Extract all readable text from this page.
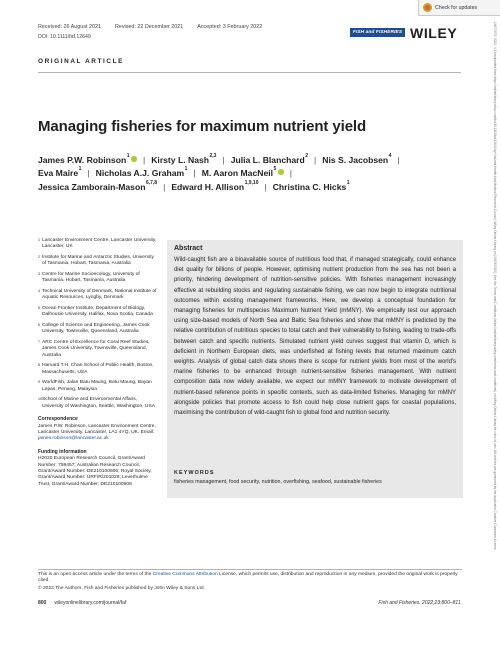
Check for updates
14672979, 2022, 4, Downloaded from https://onlinelibrary.wiley.com/doi/10.1111/faf.12649 by National Health And Medical Research Council, Wiley Online Library on [10/03/2025]. See the Terms and Conditions (https://onlinelibrary.wiley.com/terms-and-conditions) on Wiley Online Library for rules of use; OA articles are governed by the applicable Creative Commons License
Received: 26 August 2021	Revised: 22 December 2021	Accepted: 3 February 2022
DOI: 10.1111/faf.12649
FISH and FISHERIES WILEY
ORIGINAL ARTICLE
Managing fisheries for maximum nutrient yield
James P.W. Robinson$^1$ | Kirsty L. Nash$^{2,3}$ | Julia L. Blanchard$^2$ | Nis S. Jacobsen$^4$ |
Eva Maire$^1$ | Nicholas A.J. Graham$^1$ | M. Aaron MacNeil$^5$ |
Jessica Zamborain-Mason$^{6,7,8}$ | Edward H. Allison$^{1,9,10}$ | Christina C. Hicks$^1$
1 Lancaster Environment Centre, Lancaster University, Lancaster, UK
2 Institute for Marine and Antarctic Studies, University of Tasmania, Hobart, Tasmania, Australia
3 Centre for Marine Socioecology, University of Tasmania, Hobart, Tasmania, Australia
4 Technical University of Denmark, National Institute of Aquatic Resources, Lyngby, Denmark
5 Ocean Frontier Institute, Department of Biology, Dalhousie University, Halifax, Nova Scotia, Canada
6 College of Science and Engineering, James Cook University, Townsville, Queensland, Australia
7 ARC Centre of Excellence for Coral Reef Studies, James Cook University, Townsville, Queensland, Australia
8 Harvard T.H. Chan School of Public Health, Boston, Massachusetts, USA
9 WorldFish, Jalan Batu Maung, Batu Maung, Bayan Lepas, Penang, Malaysia
10 School of Marine and Environmental Affairs, University of Washington, Seattle, Washington, USA
Correspondence
James P.W. Robinson, Lancaster Environment Centre, Lancaster University, Lancaster, LA1 4YQ, UK. Email: james.robinson@lancaster.ac.uk
Funding information
H2020 European Research Council, Grant/Award Number: 759457; Australian Research Council, Grant/Award Number: DE210100606; Royal Society, Grant/Award Number: URF/R/201029; Leverhulme Trust, Grant/Award Number: DE210100606
Abstract
Wild-caught fish are a bioavailable source of nutritious food that, if managed strategically, could enhance diet quality for billions of people. However, optimising nutrient production from the sea has not been a priority, hindering development of nutrition-sensitive policies. With fisheries management increasingly effective at rebuilding stocks and regulating sustainable fishing, we can now begin to integrate nutritional outcomes within existing management frameworks. Here, we develop a conceptual foundation for managing fisheries for multispecies Maximum Nutrient Yield (mMNY). We empirically test our approach using size-based models of North Sea and Baltic Sea fisheries and show that mMNY is predicted by the relative contribution of nutritious species to total catch and their vulnerability to fishing, leading to trade-offs between catch and specific nutrients. Simulated nutrient yield curves suggest that vitamin D, which is deficient in Northern European diets, was underfished at fishing levels that returned maximum catch weights. Analysis of global catch data shows there is scope for nutrient yields from most of the world's marine fisheries to be enhanced through nutrient-sensitive fisheries management. With nutrient composition data now widely available, we expect our mMNY framework to motivate development of nutrient-based reference points in specific contexts, such as data-limited fisheries. Managing for mMNY alongside policies that promote access to fish could help close nutrient gaps for coastal populations, maximising the contribution of wild-caught fish to global food and nutrition security.
KEYWORDS
fisheries management, food security, nutrition, overfishing, seafood, sustainable fisheries
This is an open access article under the terms of the Creative Commons Attribution License, which permits use, distribution and reproduction in any medium, provided the original work is properly cited.
© 2022 The Authors. Fish and Fisheries published by John Wiley & Sons Ltd.
800 wileyonlinelibrary.com/journal/faf	Fish and Fisheries. 2022;23:800–811.
